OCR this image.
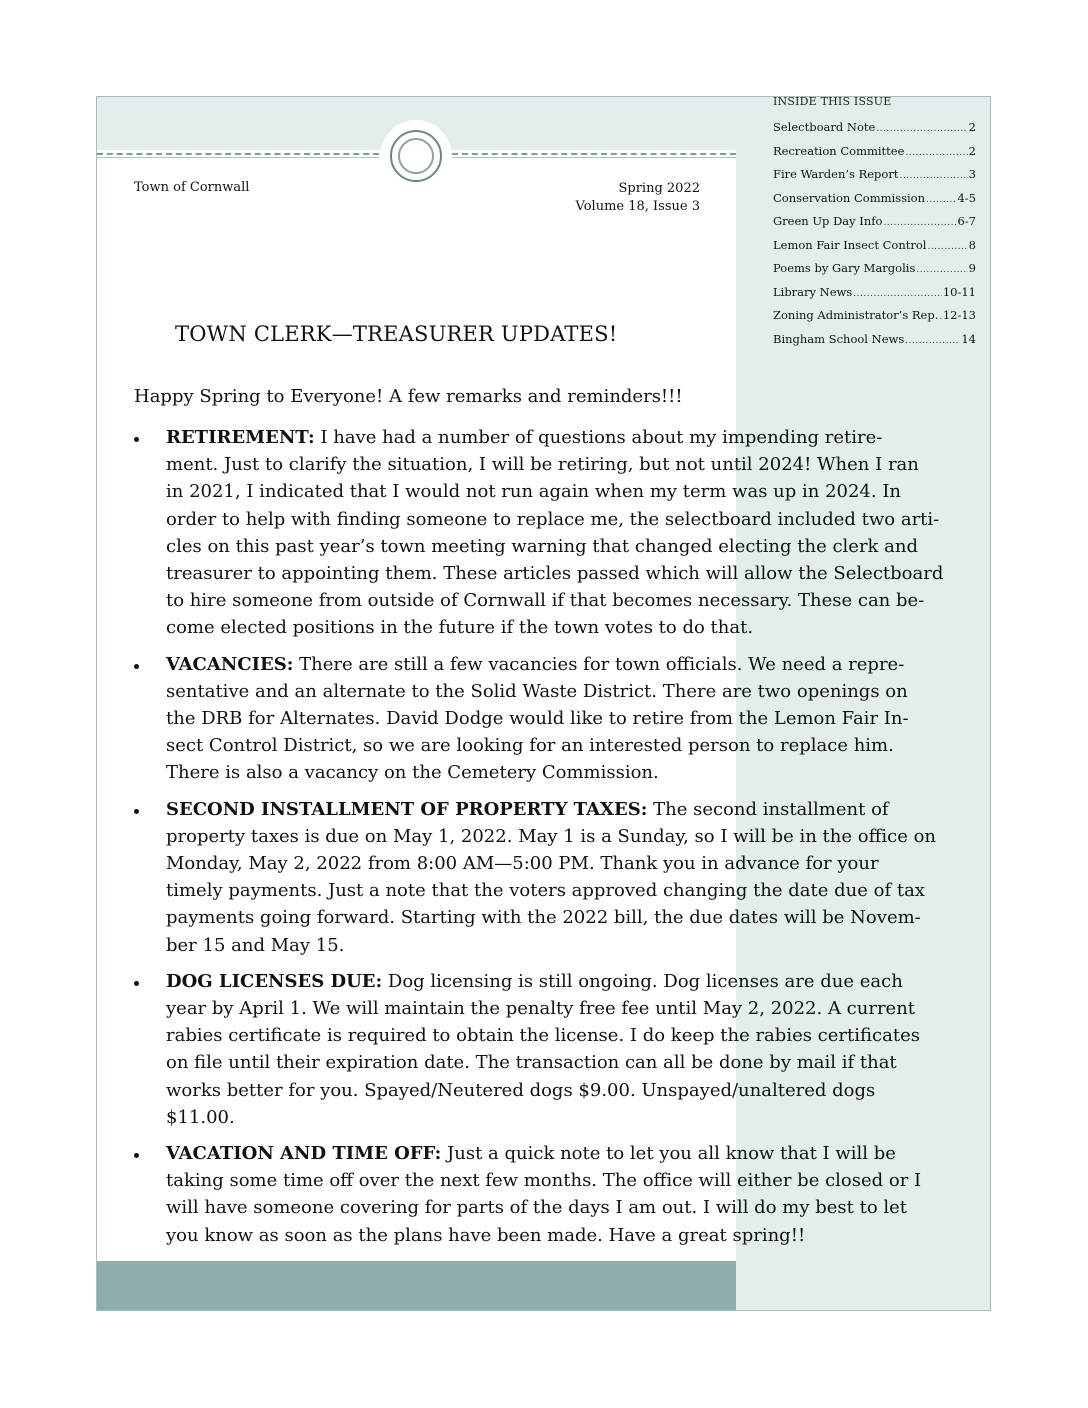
Town of Cornwall	Spring 2022
Volume 18, Issue 3
INSIDE THIS ISSUE
Selectboard Note .....	2
Recreation Committee .....	2
Fire Warden’s Report .....	3
Conservation Commission .....	4-5
Green Up Day Info .....	6-7
Lemon Fair Insect Control .....	8
Poems by Gary Margolis .....	9
Library News .....	10-11
Zoning Administrator’s Rep. ..... 12-13
Bingham School News .....	14
TOWN CLERK—TREASURER UPDATES!
Happy Spring to Everyone! A few remarks and reminders!!!
RETIREMENT: I have had a number of questions about my impending retire-
ment. Just to clarify the situation, I will be retiring, but not until 2024! When I ran
in 2021, I indicated that I would not run again when my term was up in 2024. In
order to help with finding someone to replace me, the selectboard included two arti-
cles on this past year’s town meeting warning that changed electing the clerk and
treasurer to appointing them. These articles passed which will allow the Selectboard
to hire someone from outside of Cornwall if that becomes necessary. These can be-
come elected positions in the future if the town votes to do that.
VACANCIES: There are still a few vacancies for town officials. We need a repre-
sentative and an alternate to the Solid Waste District. There are two openings on
the DRB for Alternates. David Dodge would like to retire from the Lemon Fair In-
sect Control District, so we are looking for an interested person to replace him.
There is also a vacancy on the Cemetery Commission.
SECOND INSTALLMENT OF PROPERTY TAXES: The second installment of
property taxes is due on May 1, 2022. May 1 is a Sunday, so I will be in the office on
Monday, May 2, 2022 from 8:00 AM—5:00 PM. Thank you in advance for your
timely payments. Just a note that the voters approved changing the date due of tax
payments going forward. Starting with the 2022 bill, the due dates will be Novem-
ber 15 and May 15.
DOG LICENSES DUE: Dog licensing is still ongoing. Dog licenses are due each
year by April 1. We will maintain the penalty free fee until May 2, 2022. A current
rabies certificate is required to obtain the license. I do keep the rabies certificates
on file until their expiration date. The transaction can all be done by mail if that
works better for you. Spayed/Neutered dogs $9.00. Unspayed/unaltered dogs
$11.00.
VACATION AND TIME OFF: Just a quick note to let you all know that I will be
taking some time off over the next few months. The office will either be closed or I
will have someone covering for parts of the days I am out. I will do my best to let
you know as soon as the plans have been made. Have a great spring!!
